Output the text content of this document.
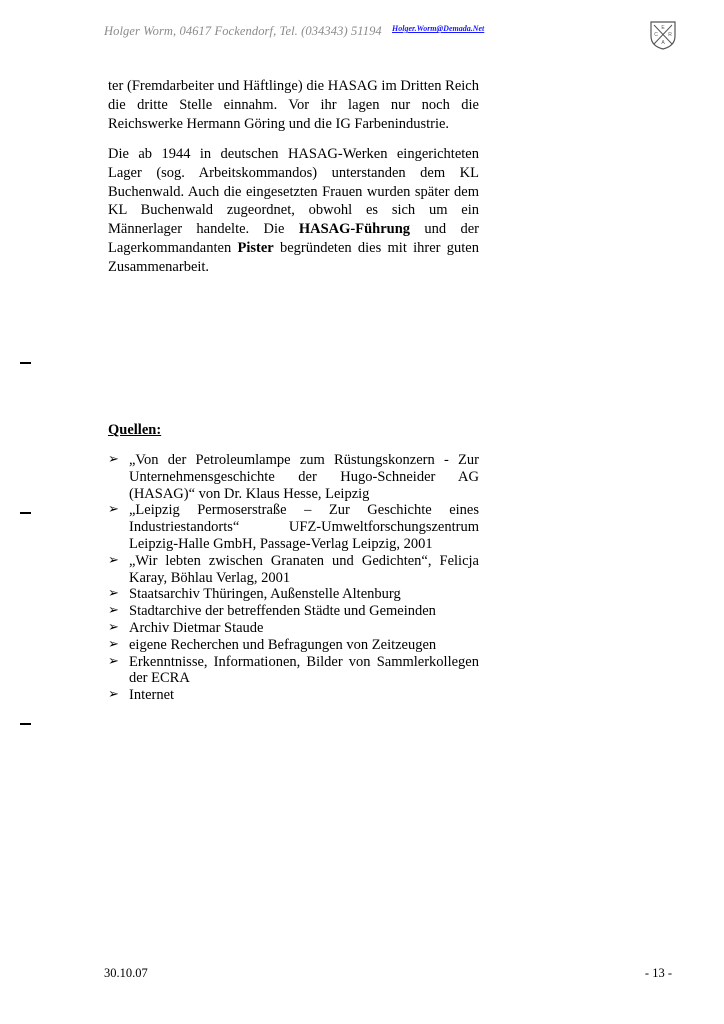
Holger Worm, 04617 Fockendorf, Tel. (034343) 51194 Holger.Worm@Demada.Net	E
C R
A
ter (Fremdarbeiter und Häftlinge) die HASAG im Dritten Reich die dritte Stelle einnahm. Vor ihr lagen nur noch die Reichswerke Hermann Göring und die IG Farbenindustrie.
Die ab 1944 in deutschen HASAG-Werken eingerichteten Lager (sog. Arbeitskommandos) unterstanden dem KL Buchenwald. Auch die eingesetzten Frauen wurden später dem KL Buchenwald zugeordnet, obwohl es sich um ein Männerlager handelte. Die HASAG-Führung und der Lagerkommandanten Pister begründeten dies mit ihrer guten Zusammenarbeit.
Quellen:
➢ „Von der Petroleumlampe zum Rüstungskonzern - Zur Unternehmensgeschichte der Hugo-Schneider AG (HASAG)“ von Dr. Klaus Hesse, Leipzig
➢ „Leipzig Permoserstraße – Zur Geschichte eines Industriestandorts“ UFZ-Umweltforschungszentrum Leipzig-Halle GmbH, Passage-Verlag Leipzig, 2001
➢ „Wir lebten zwischen Granaten und Gedichten“, Felicja Karay, Böhlau Verlag, 2001
➢ Staatsarchiv Thüringen, Außenstelle Altenburg
➢ Stadtarchive der betreffenden Städte und Gemeinden
➢ Archiv Dietmar Staude
➢ eigene Recherchen und Befragungen von Zeitzeugen
➢ Erkenntnisse, Informationen, Bilder von Sammlerkollegen der ECRA
➢ Internet
30.10.07	- 13 -
